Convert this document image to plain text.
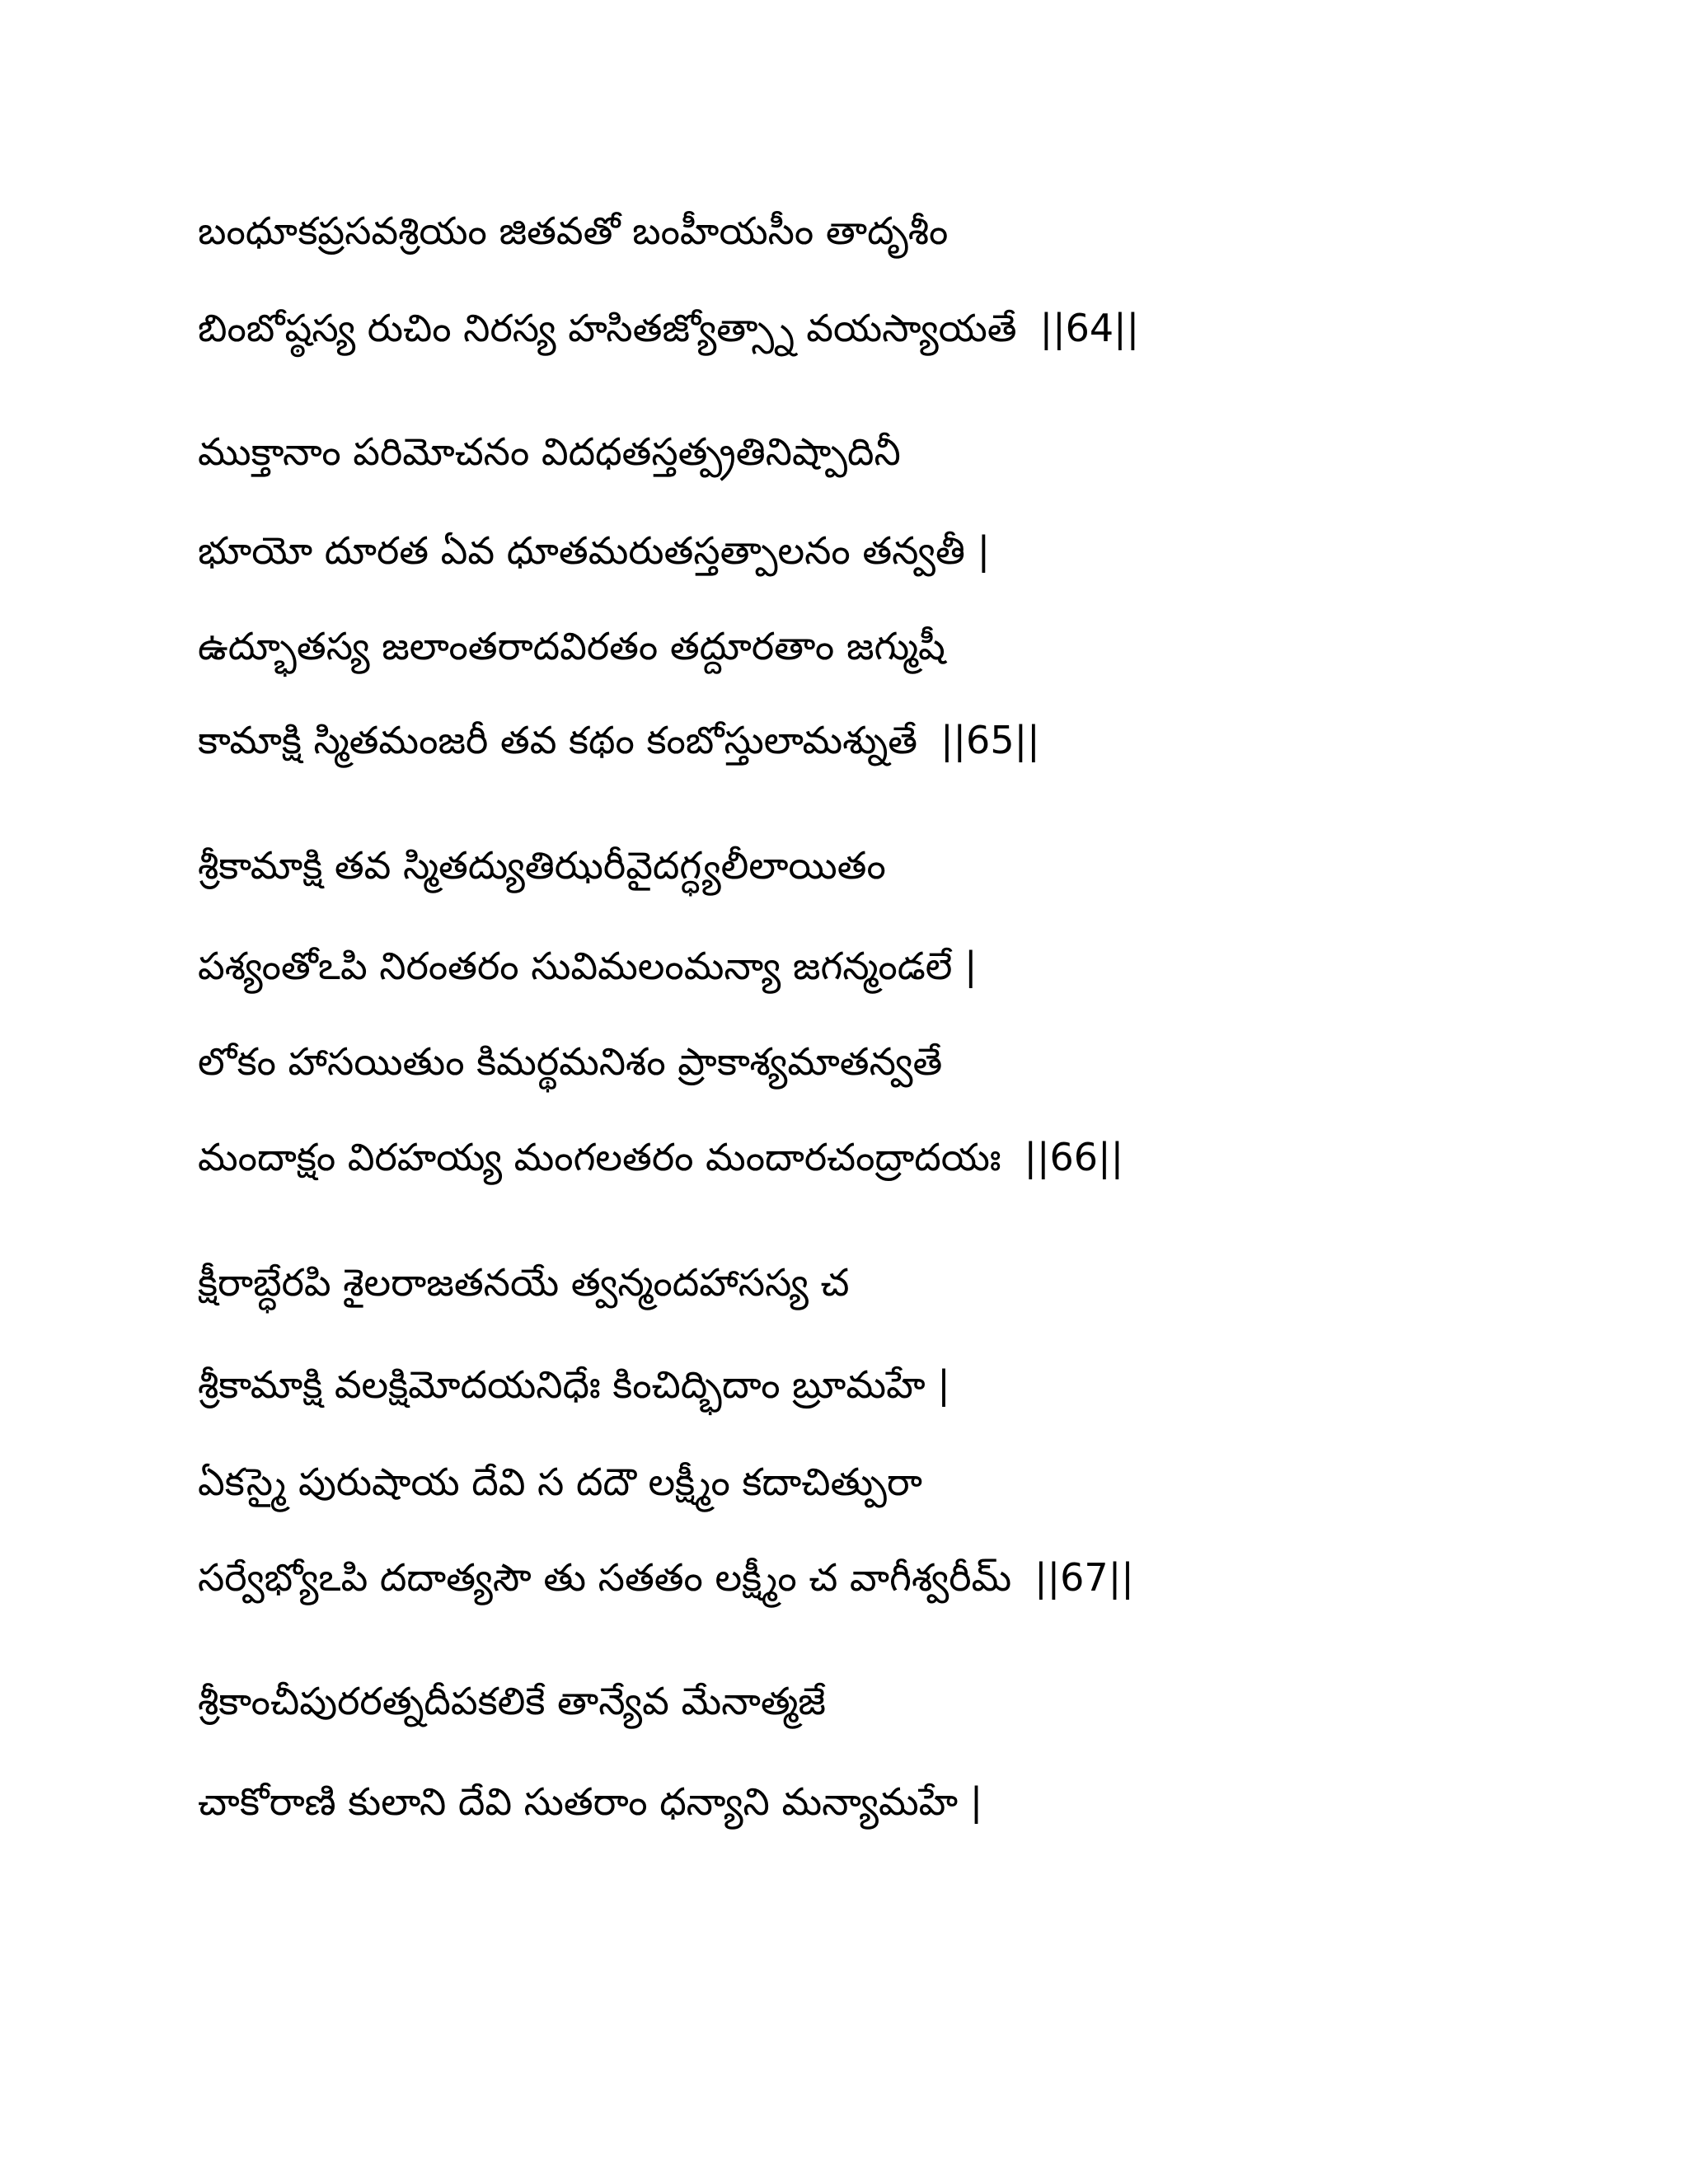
బంధూకప్రసవశ్రియం జితవతో బంహీయసీం తాదృశీం
బింబోష్ఠస్య రుచిం నిరస్య హసితజ్యోత్స్నా వయస్యాయతే ||64||
ముక్తానాం పరిమోచనం విదధతస్తత్ప్రతినిష్పాదినీ
భూయో దూరత ఏవ ధూతమరుతస్తత్పాలనం తన్వతీ |
ఉద్భూతస్య జలాంతరాదవిరతం తద్దూరతాం జగ్ముషీ
కామాక్షి స్మితమంజరీ తవ కథం కంబోస్తులామశ్నుతే ||65||
శ్రీకామాక్షి తవ స్మితద్యుతిఝరీవైదగ్ధ్యలీలాయితం
పశ్యంతోఽపి నిరంతరం సువిమలంమన్యా జగన్మండలే |
లోకం హాసయితుం కిమర్థమనిశం ప్రాకాశ్యమాతన్వతే
మందాక్షం విరహయ్య మంగలతరం మందారచంద్రాదయః ||66||
క్షీరాబ్ధేరపి శైలరాజతనయే త్వన్మందహాసస్య చ
శ్రీకామాక్షి వలక్షిమోదయనిధేః కించిద్భిదాం బ్రూమహే |
ఏకస్మై పురుషాయ దేవి స దదౌ లక్ష్మీం కదాచిత్పురా
సర్వేభ్యోఽపి దదాత్యసౌ తు సతతం లక్ష్మీం చ వాగీశ్వరీమ్ ||67||
శ్రీకాంచీపురరత్నదీపకలికే తాన్యేవ మేనాత్మజే
చాకోరాణి కులాని దేవి సుతరాం ధన్యాని మన్యామహే |
